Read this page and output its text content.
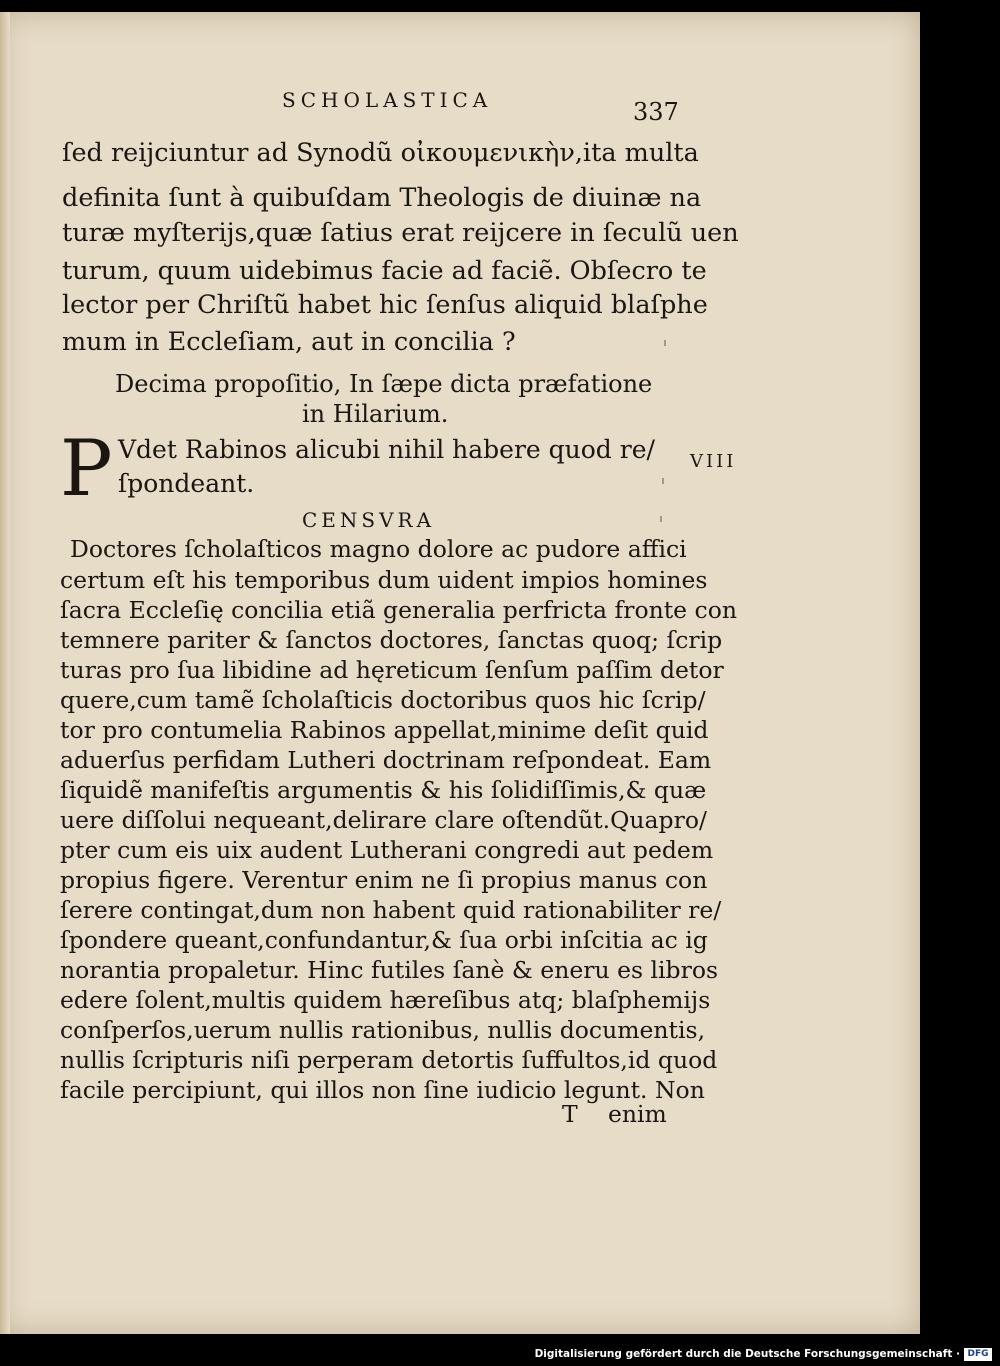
SCHOLASTICA	337
ſed reijciuntur ad Synodũ οἰκουμενικὴν,ita multa
definita ſunt à quibuſdam Theologis de diuinæ na
turæ myſterijs,quæ ſatius erat reijcere in ſeculũ uen
turum, quum uidebimus facie ad faciẽ. Obſecro te
lector per Chriſtũ habet hic ſenſus aliquid blaſphe
mum in Eccleſiam, aut in concilia ?
Decima propoſitio, In ſæpe dicta præfatione
in Hilarium.
P Vdet Rabinos alicubi nihil habere quod re/
ſpondeant.
VIII
CENSVRA
Doctores ſcholaſticos magno dolore ac pudore affici
certum eſt his temporibus dum uident impios homines
ſacra Eccleſię concilia etiã generalia perfricta fronte con
temnere pariter & ſanctos doctores, ſanctas quoq; ſcrip
turas pro ſua libidine ad hęreticum ſenſum paſſim detor
quere,cum tamẽ ſcholaſticis doctoribus quos hic ſcrip/
tor pro contumelia Rabinos appellat,minime deſit quid
aduerſus perfidam Lutheri doctrinam reſpondeat. Eam
ſiquidẽ manifeſtis argumentis & his ſolidiſſimis,& quæ
uere diſſolui nequeant,delirare clare oſtendũt.Quapro/
pter cum eis uix audent Lutherani congredi aut pedem
propius figere. Verentur enim ne ſi propius manus con
ſerere contingat,dum non habent quid rationabiliter re/
ſpondere queant,confundantur,& ſua orbi inſcitia ac ig
norantia propaletur. Hinc futiles ſanè & eneru es libros
edere ſolent,multis quidem hæreſibus atq; blaſphemijs
conſperſos,uerum nullis rationibus, nullis documentis,
nullis ſcripturis niſi perperam detortis ſuffultos,id quod
facile percipiunt, qui illos non ſine iudicio legunt. Non
T enim
Digitalisierung gefördert durch die Deutsche Forschungsgemeinschaft · DFG
